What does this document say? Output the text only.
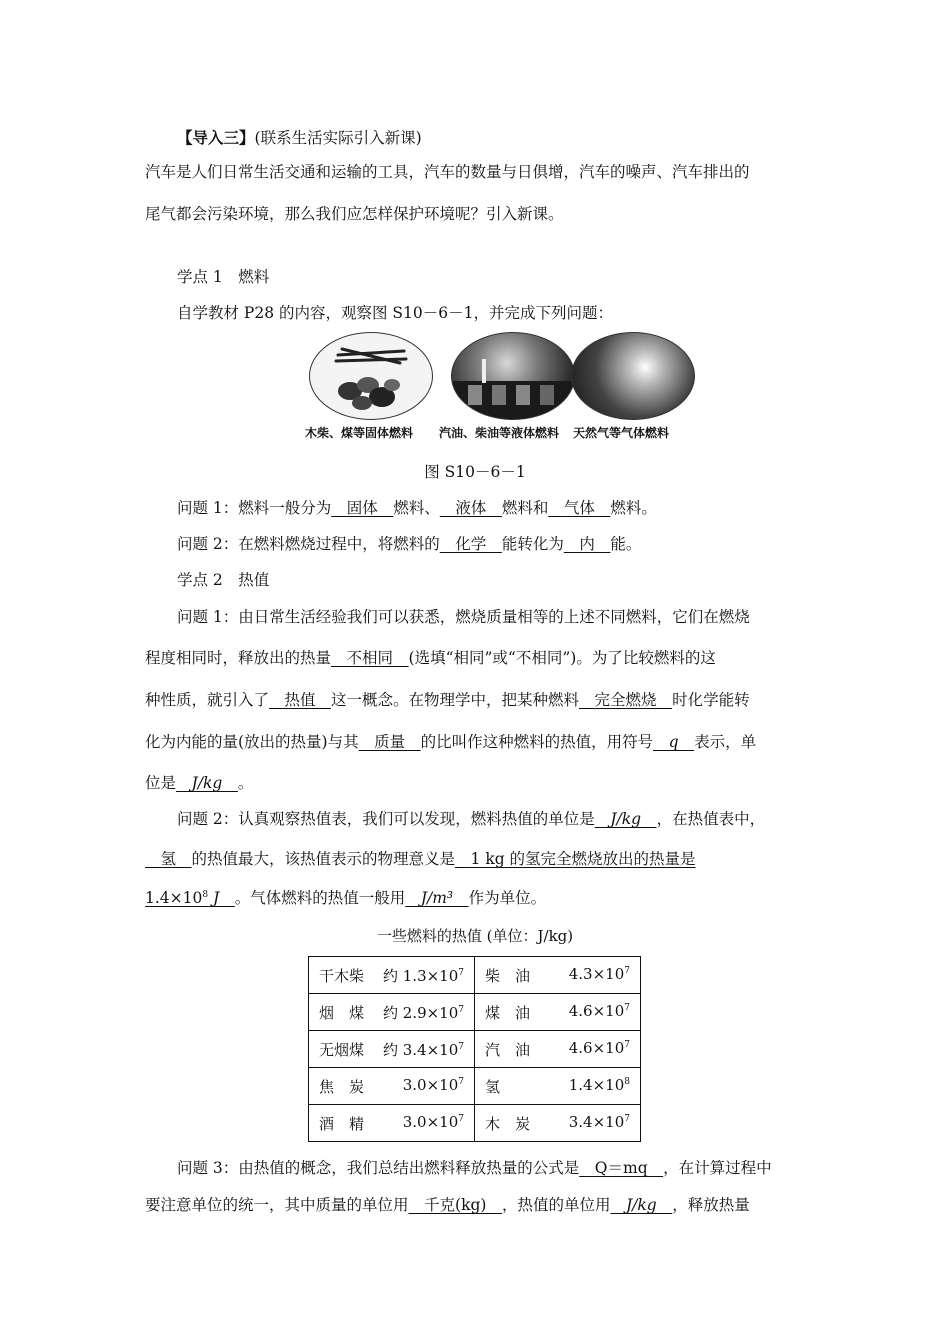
【导入三】(联系生活实际引入新课)
汽车是人们日常生活交通和运输的工具，汽车的数量与日俱增，汽车的噪声、汽车排出的
尾气都会污染环境，那么我们应怎样保护环境呢？引入新课。
学点 1　燃料
自学教材 P28 的内容，观察图 S10－6－1，并完成下列问题：
木柴、煤等固体燃料 汽油、柴油等液体燃料 天然气等气体燃料
图 S10－6－1
问题 1：燃料一般分为__固体__燃料、__液体__燃料和__气体__燃料。
问题 2：在燃料燃烧过程中，将燃料的__化学__能转化为__内__能。
学点 2　热值
问题 1：由日常生活经验我们可以获悉，燃烧质量相等的上述不同燃料，它们在燃烧
程度相同时，释放出的热量__不相同__(选填“相同”或“不相同”)。为了比较燃料的这
种性质，就引入了__热值__这一概念。在物理学中，把某种燃料__完全燃烧__时化学能转
化为内能的量(放出的热量)与其__质量__的比叫作这种燃料的热值，用符号__q__表示，单
位是__J/kg__。
问题 2：认真观察热值表，我们可以发现，燃料热值的单位是__J/kg__，在热值表中，
__氢__的热值最大，该热值表示的物理意义是__1 kg 的氢完全燃烧放出的热量是
$1.4\times 10^8$ J__。气体燃料的热值一般用__J/m³__作为单位。
一些燃料的热值 (单位：J/kg)
干木柴 约 $1.3\times 10^7$	柴　油 $4.3\times 10^7$

烟　煤 约 $2.9\times 10^7$	煤　油 $4.6\times 10^7$

无烟煤 约 $3.4\times 10^7$	汽　油 $4.6\times 10^7$

焦　炭 $3.0\times 10^7$	氢 $1.4\times 10^8$

酒　精 $3.0\times 10^7$	木　炭 $3.4\times 10^7$
问题 3：由热值的概念，我们总结出燃料释放热量的公式是__Q＝mq__，在计算过程中
要注意单位的统一，其中质量的单位用__千克(kg)__，热值的单位用__J/kg__，释放热量
